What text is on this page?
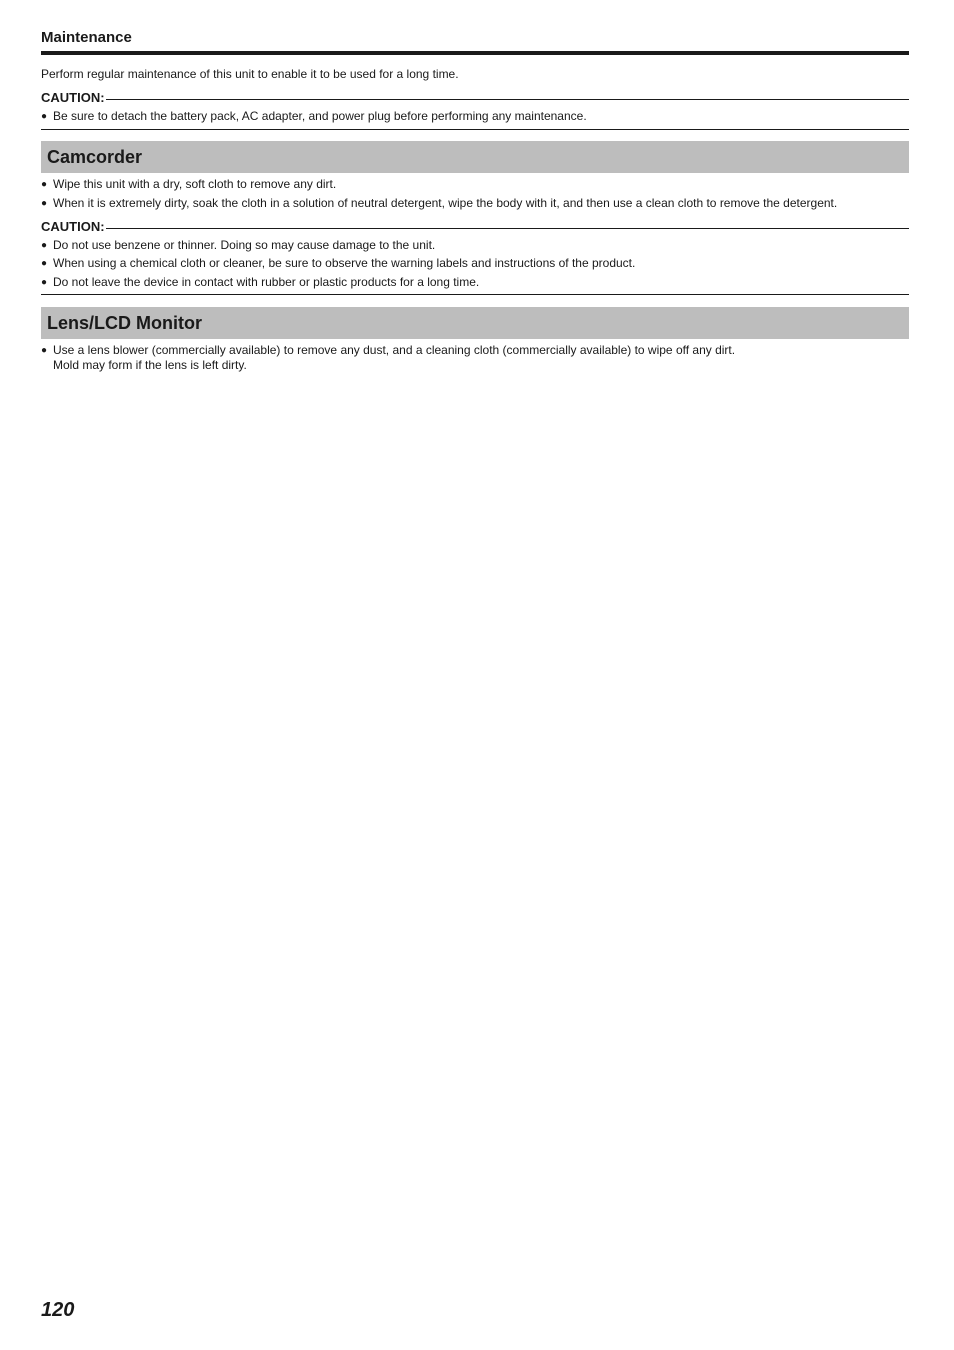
Maintenance
Perform regular maintenance of this unit to enable it to be used for a long time.
CAUTION:
● Be sure to detach the battery pack, AC adapter, and power plug before performing any maintenance.
Camcorder
● Wipe this unit with a dry, soft cloth to remove any dirt.
● When it is extremely dirty, soak the cloth in a solution of neutral detergent, wipe the body with it, and then use a clean cloth to remove the detergent.
CAUTION:
● Do not use benzene or thinner. Doing so may cause damage to the unit.
● When using a chemical cloth or cleaner, be sure to observe the warning labels and instructions of the product.
● Do not leave the device in contact with rubber or plastic products for a long time.
Lens/LCD Monitor
● Use a lens blower (commercially available) to remove any dust, and a cleaning cloth (commercially available) to wipe off any dirt.
Mold may form if the lens is left dirty.
120
